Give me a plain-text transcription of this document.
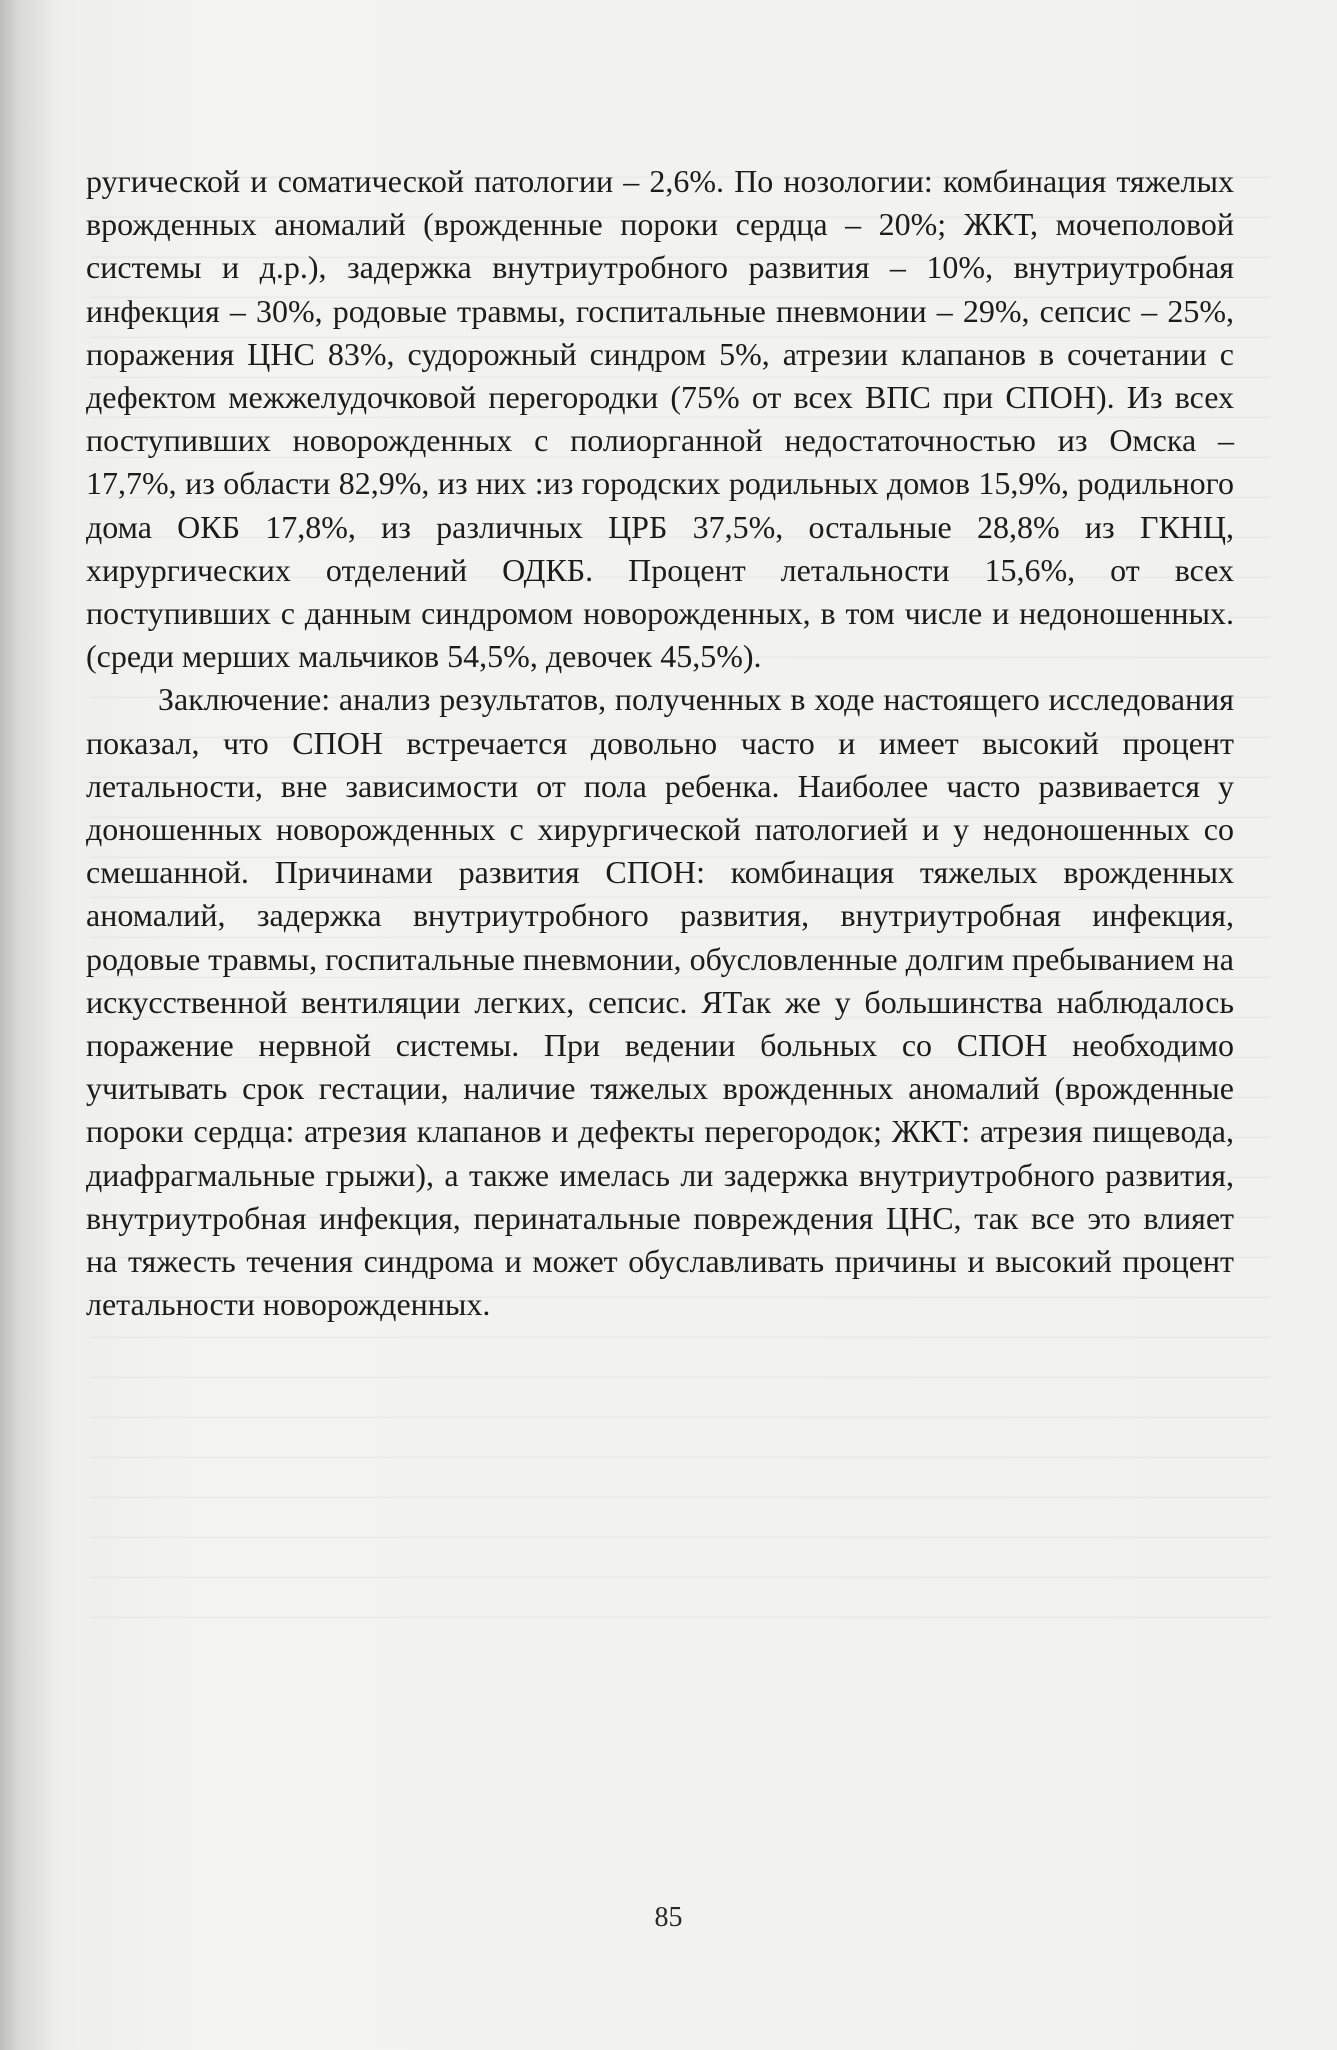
ругической и соматической патологии – 2,6%. По нозологии: комбинация тяжелых врожденных аномалий (врожденные пороки сердца – 20%; ЖКТ, мочеполовой системы и д.р.), задержка внутриутробного развития – 10%, внутриутробная инфекция – 30%, родовые травмы, госпитальные пневмонии – 29%, сепсис – 25%, поражения ЦНС 83%, судорожный синдром 5%, атрезии клапанов в сочетании с дефектом межжелудочковой перегородки (75% от всех ВПС при СПОН). Из всех поступивших новорожденных с полиорганной недостаточностью из Омска – 17,7%, из области 82,9%, из них :из городских родильных домов 15,9%, родильного дома ОКБ 17,8%, из различных ЦРБ 37,5%, остальные 28,8% из ГКНЦ, хирургических отделений ОДКБ. Процент летальности 15,6%, от всех поступивших с данным синдромом новорожденных, в том числе и недоношенных. (среди мерших мальчиков 54,5%, девочек 45,5%).

Заключение: анализ результатов, полученных в ходе настоящего исследования показал, что СПОН встречается довольно часто и имеет высокий процент летальности, вне зависимости от пола ребенка. Наиболее часто развивается у доношенных новорожденных с хирургической патологией и у недоношенных со смешанной. Причинами развития СПОН: комбинация тяжелых врожденных аномалий, задержка внутриутробного развития, внутриутробная инфекция, родовые травмы, госпитальные пневмонии, обусловленные долгим пребыванием на искусственной вентиляции легких, сепсис. ЯТак же у большинства наблюдалось поражение нервной системы. При ведении больных со СПОН необходимо учитывать срок гестации, наличие тяжелых врожденных аномалий (врожденные пороки сердца: атрезия клапанов и дефекты перегородок; ЖКТ: атрезия пищевода, диафрагмальные грыжи), а также имелась ли задержка внутриутробного развития, внутриутробная инфекция, перинатальные повреждения ЦНС, так все это влияет на тяжесть течения синдрома и может обуславливать причины и высокий процент летальности новорожденных.

85
